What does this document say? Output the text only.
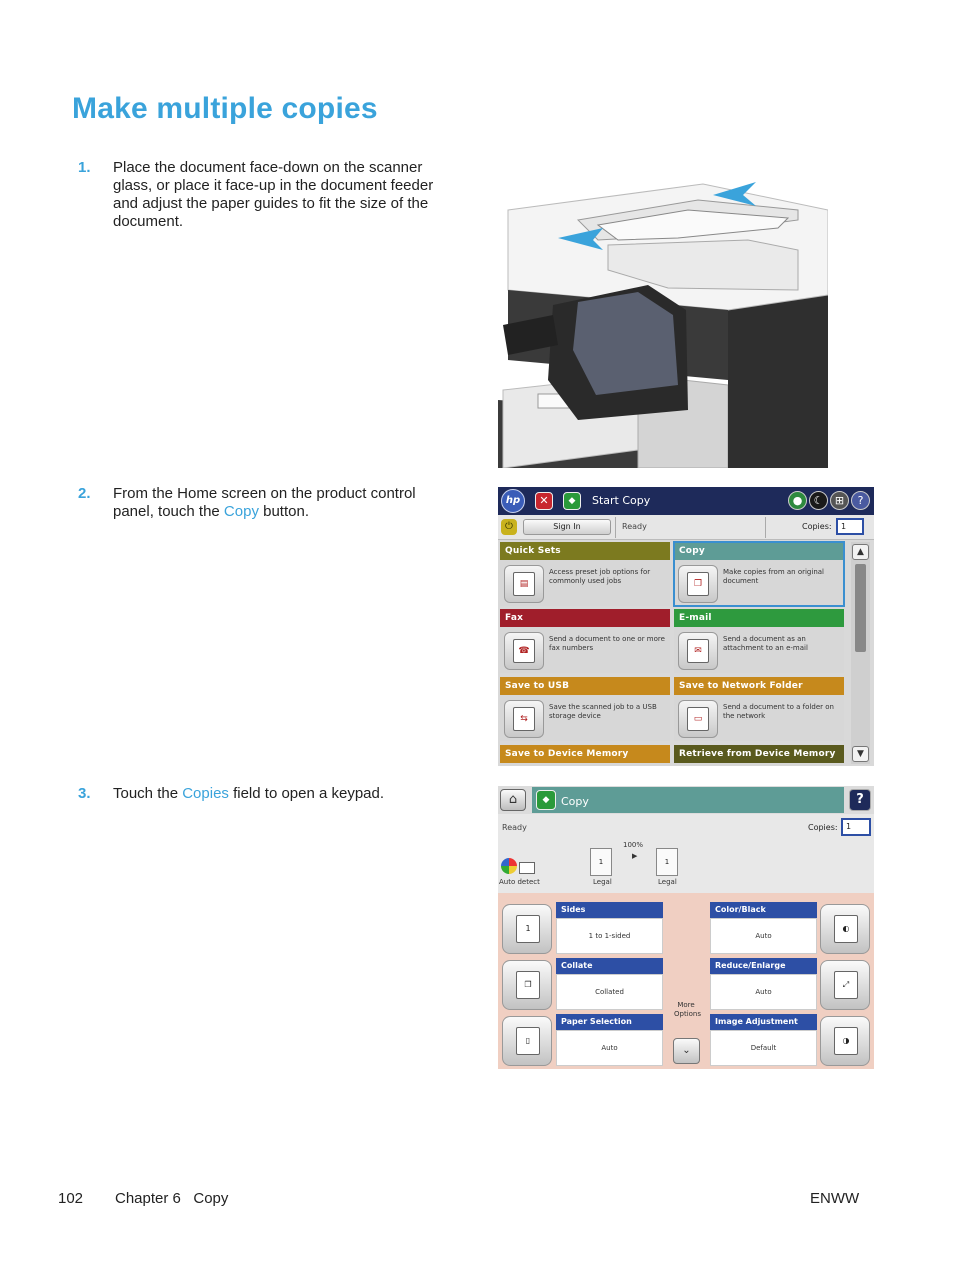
Make multiple copies
1. Place the document face-down on the scanner glass, or place it face-up in the document feeder and adjust the paper guides to fit the size of the document.
2. From the Home screen on the product control panel, touch the Copy button.
3. Touch the Copies field to open a keypad.
hp	✕	◆	Start Copy	●	☾	⊞	?
⏻	Sign In	Ready	Copies:	1
Quick Sets
▤
Access preset job options for commonly used jobs
Copy
❐
Make copies from an original document
Fax
☎
Send a document to one or more fax numbers
E-mail
✉
Send a document as an attachment to an e-mail
Save to USB
⇆
Save the scanned job to a USB storage device
Save to Network Folder
▭
Send a document to a folder on the network
Save to Device Memory	Retrieve from Device Memory
▲
▼
⌂	◆	Copy	?
Ready	Copies:	1
Auto detect
100%
▶
1	1
Legal	Legal
1
Sides
1 to 1-sided
❐
Collate
Collated
▯
Paper Selection
Auto
Color/Black
Auto
◐
Reduce/Enlarge
Auto
⤢
Image Adjustment
Default
◑
More Options
⌄
102 Chapter 6   Copy	ENWW
